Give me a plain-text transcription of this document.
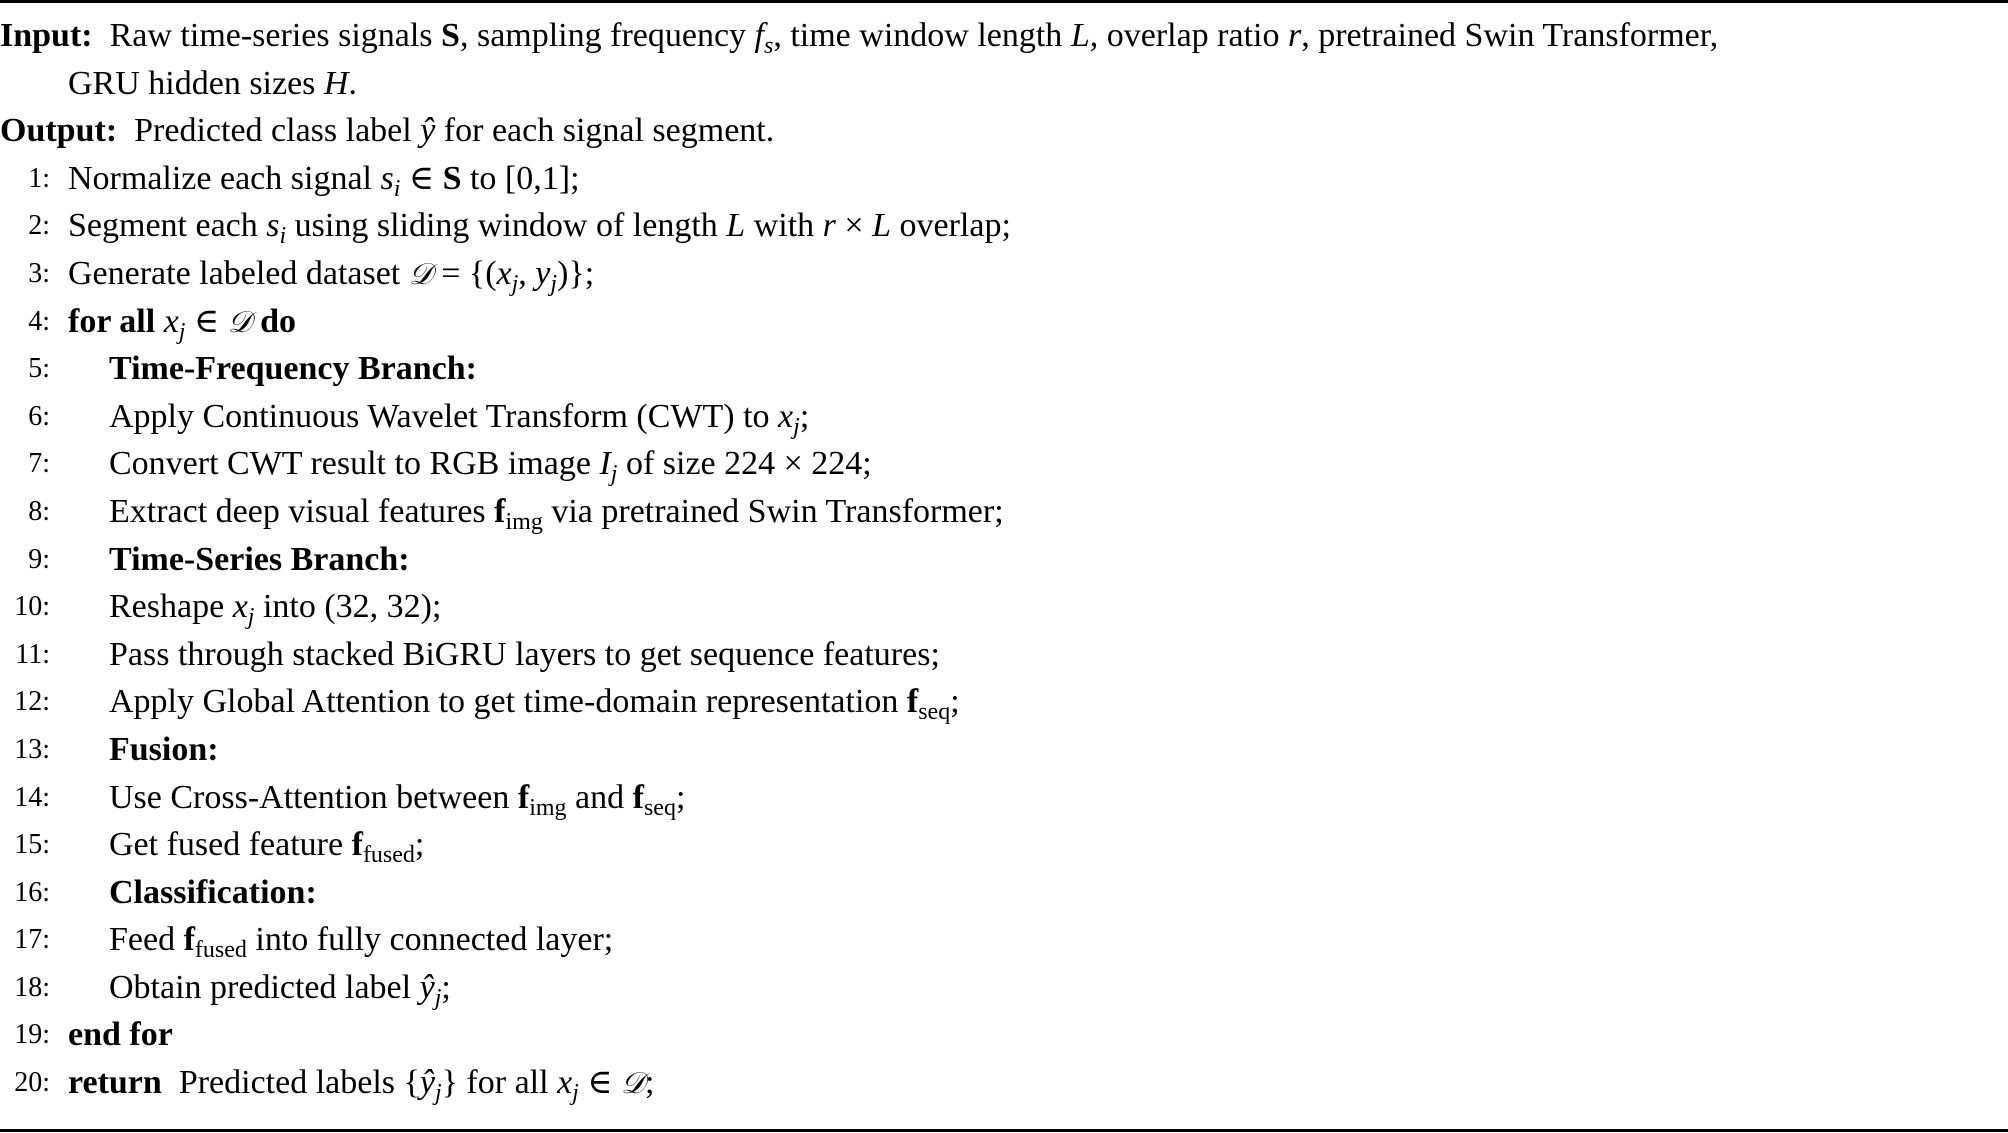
Input:  Raw time-series signals S, sampling frequency $f_s$, time window length L, overlap ratio r, pretrained Swin Transformer,
GRU hidden sizes H.
Output:  Predicted class label ŷ for each signal segment.
1: Normalize each signal $s_i$ ∈ S to [0,1];
2: Segment each $s_i$ using sliding window of length L with r × L overlap;
3: Generate labeled dataset 𝒟 = {($x_j$, $y_j$)};
4: for all $x_j$ ∈ 𝒟 do
5: Time-Frequency Branch:
6: Apply Continuous Wavelet Transform (CWT) to $x_j$;
7: Convert CWT result to RGB image $I_j$ of size 224 × 224;
8: Extract deep visual features $f_{img}$ via pretrained Swin Transformer;
9: Time-Series Branch:
10: Reshape $x_j$ into (32, 32);
11: Pass through stacked BiGRU layers to get sequence features;
12: Apply Global Attention to get time-domain representation $f_{seq}$;
13: Fusion:
14: Use Cross-Attention between $f_{img}$ and $f_{seq}$;
15: Get fused feature $f_{fused}$;
16: Classification:
17: Feed $f_{fused}$ into fully connected layer;
18: Obtain predicted label $ŷ_j$;
19: end for
20: return  Predicted labels $\{ŷ_j\}$ for all $x_j$ ∈ 𝒟;
